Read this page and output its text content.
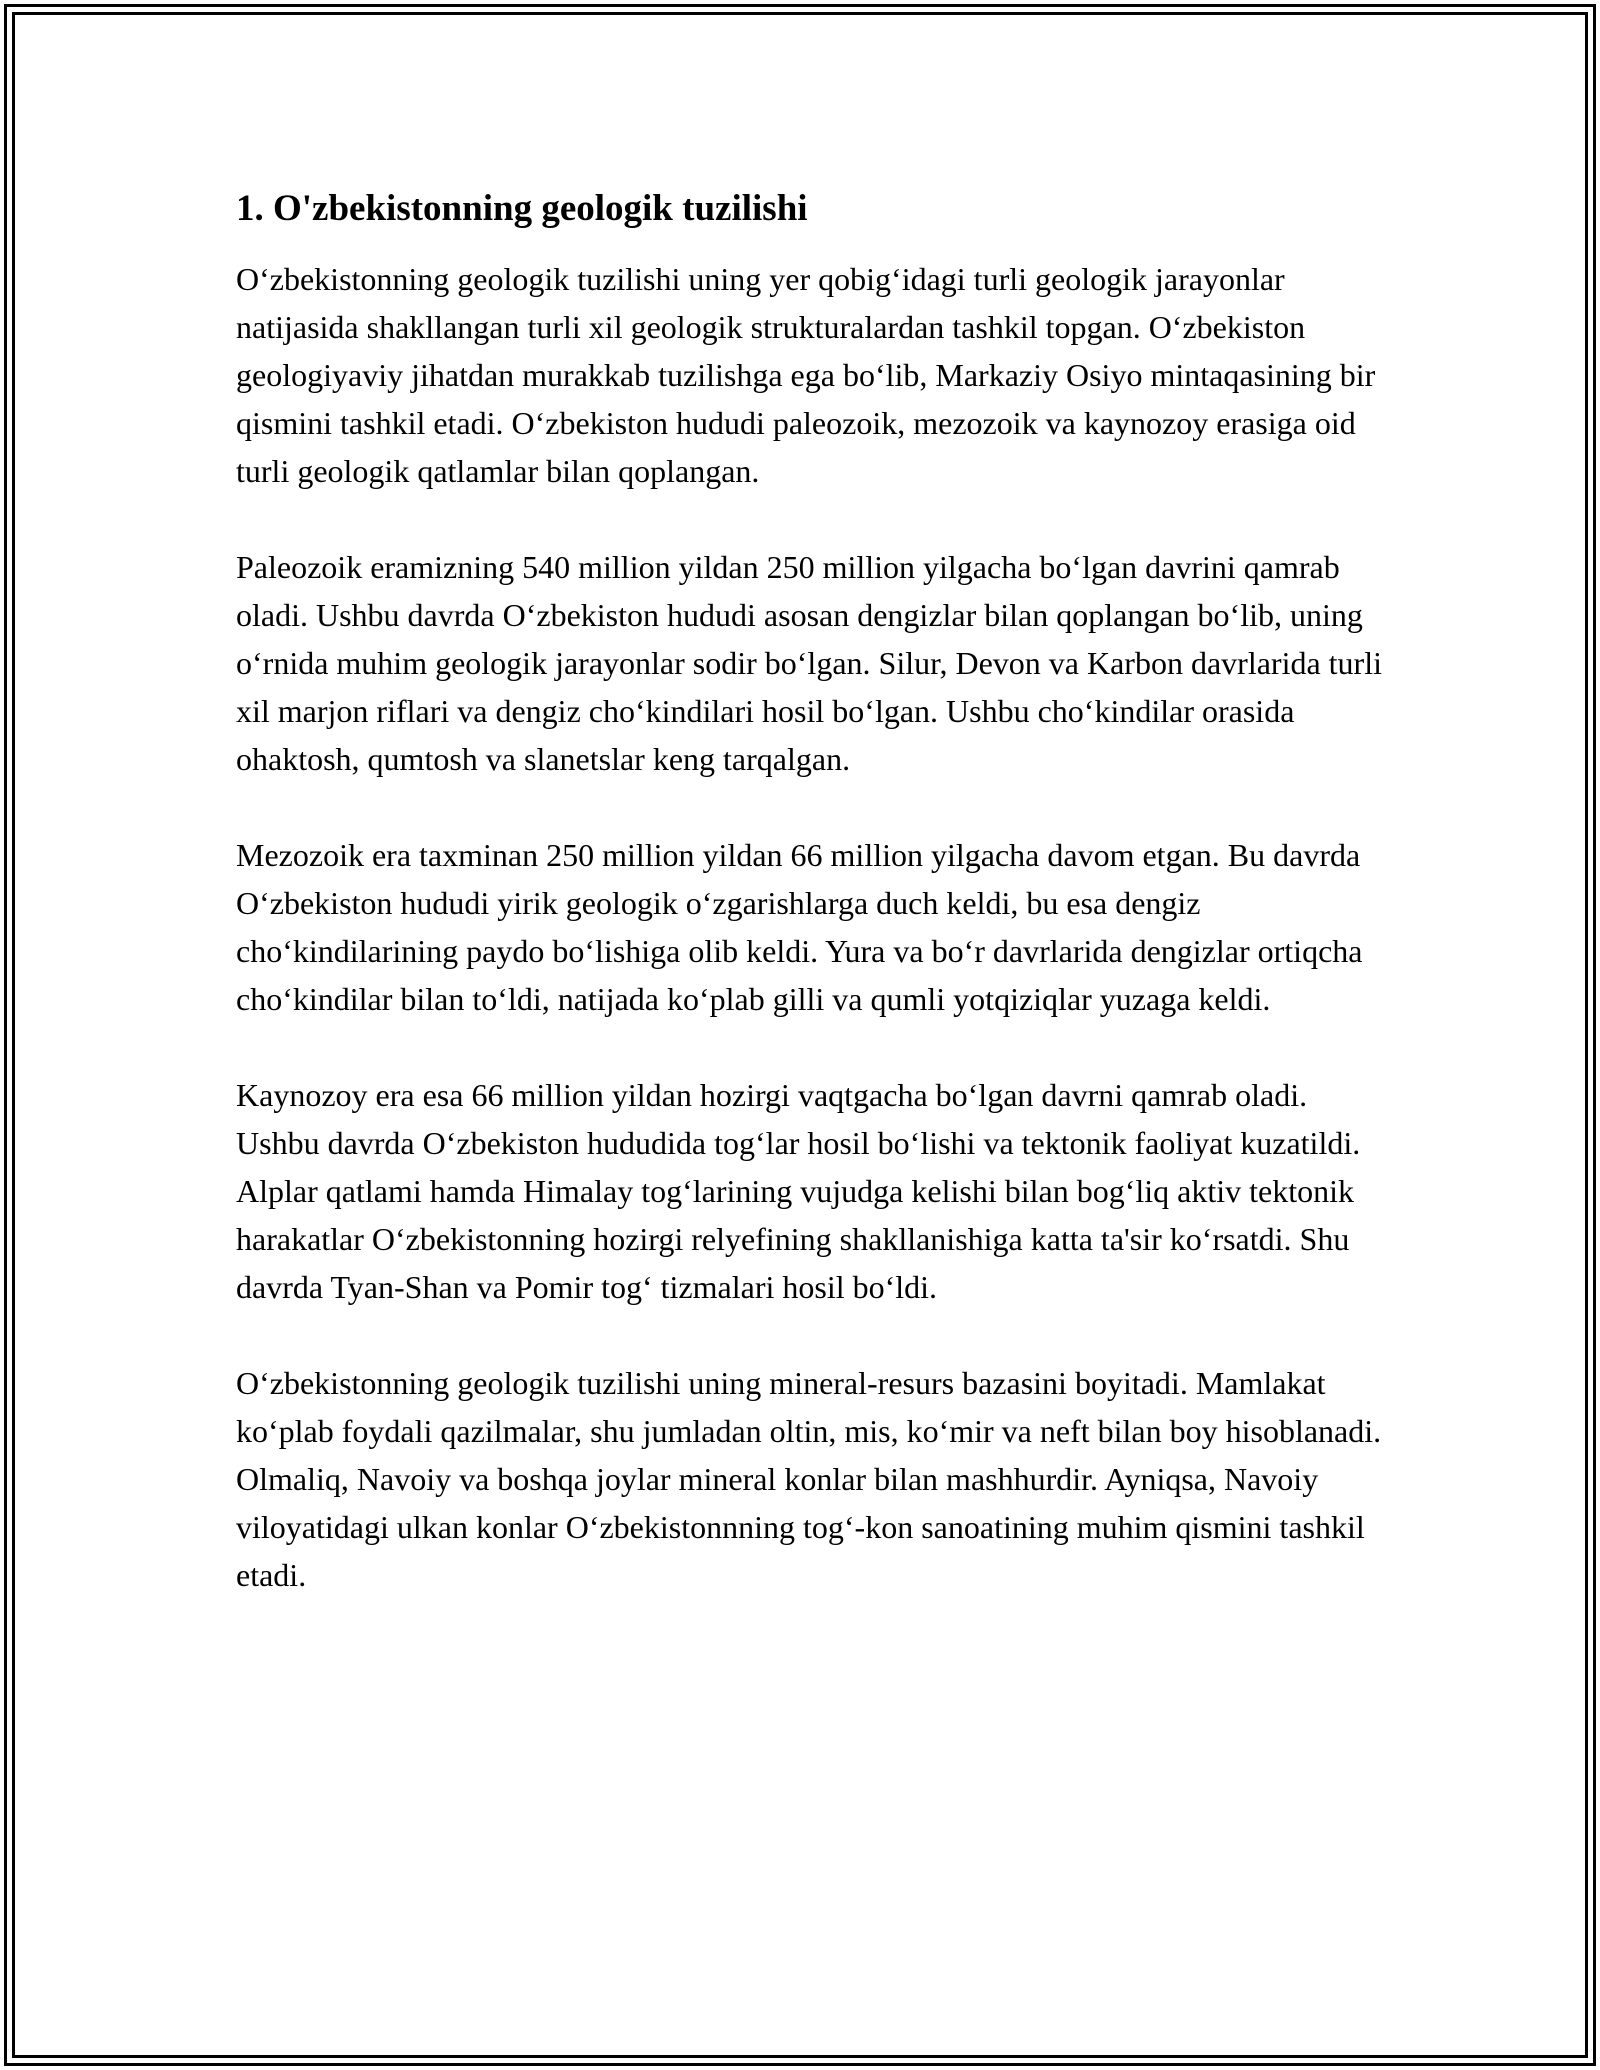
1. O'zbekistonning geologik tuzilishi

O‘zbekistonning geologik tuzilishi uning yer qobig‘idagi turli geologik jarayonlar natijasida shakllangan turli xil geologik strukturalardan tashkil topgan. O‘zbekiston geologiyaviy jihatdan murakkab tuzilishga ega bo‘lib, Markaziy Osiyo mintaqasining bir qismini tashkil etadi. O‘zbekiston hududi paleozoik, mezozoik va kaynozoy erasiga oid turli geologik qatlamlar bilan qoplangan.

Paleozoik eramizning 540 million yildan 250 million yilgacha bo‘lgan davrini qamrab oladi. Ushbu davrda O‘zbekiston hududi asosan dengizlar bilan qoplangan bo‘lib, uning o‘rnida muhim geologik jarayonlar sodir bo‘lgan. Silur, Devon va Karbon davrlarida turli xil marjon riflari va dengiz cho‘kindilari hosil bo‘lgan. Ushbu cho‘kindilar orasida ohaktosh, qumtosh va slanetslar keng tarqalgan.

Mezozoik era taxminan 250 million yildan 66 million yilgacha davom etgan. Bu davrda O‘zbekiston hududi yirik geologik o‘zgarishlarga duch keldi, bu esa dengiz cho‘kindilarining paydo bo‘lishiga olib keldi. Yura va bo‘r davrlarida dengizlar ortiqcha cho‘kindilar bilan to‘ldi, natijada ko‘plab gilli va qumli yotqiziqlar yuzaga keldi.

Kaynozoy era esa 66 million yildan hozirgi vaqtgacha bo‘lgan davrni qamrab oladi. Ushbu davrda O‘zbekiston hududida tog‘lar hosil bo‘lishi va tektonik faoliyat kuzatildi. Alplar qatlami hamda Himalay tog‘larining vujudga kelishi bilan bog‘liq aktiv tektonik harakatlar O‘zbekistonning hozirgi relyefining shakllanishiga katta ta'sir ko‘rsatdi. Shu davrda Tyan-Shan va Pomir tog‘ tizmalari hosil bo‘ldi.

O‘zbekistonning geologik tuzilishi uning mineral-resurs bazasini boyitadi. Mamlakat ko‘plab foydali qazilmalar, shu jumladan oltin, mis, ko‘mir va neft bilan boy hisoblanadi. Olmaliq, Navoiy va boshqa joylar mineral konlar bilan mashhurdir. Ayniqsa, Navoiy viloyatidagi ulkan konlar O‘zbekistonnning tog‘-kon sanoatining muhim qismini tashkil etadi.
